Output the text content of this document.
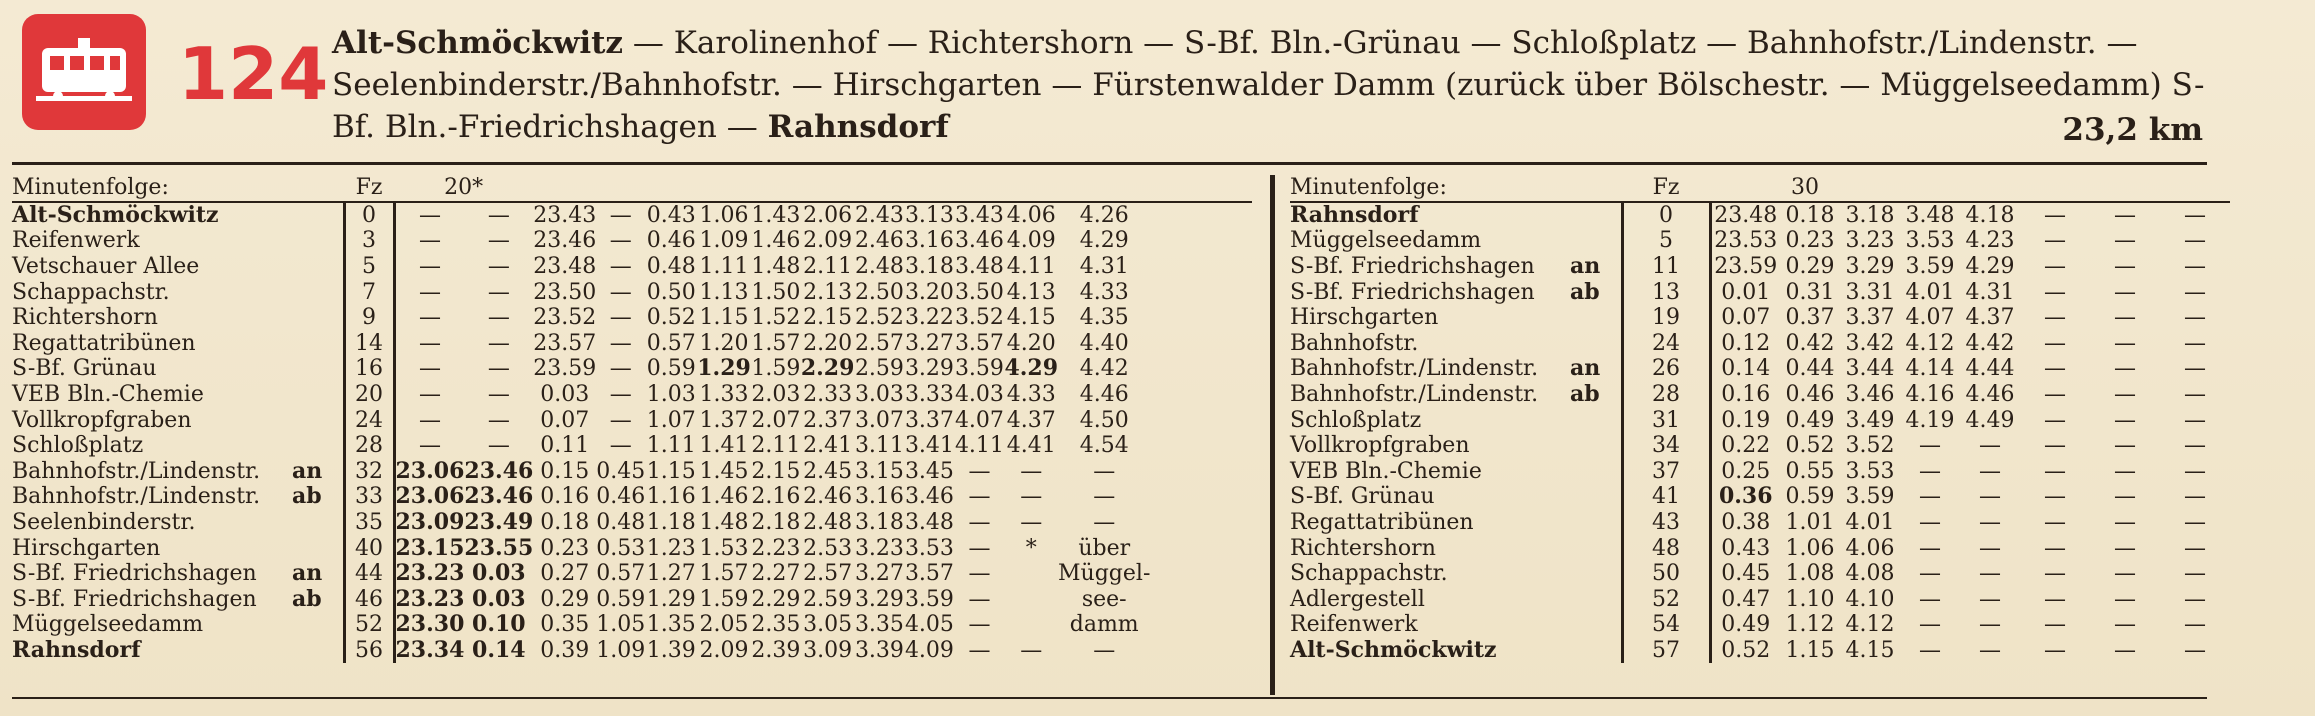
124 Alt-Schmöckwitz — Karolinenhof — Richtershorn — S-Bf. Bln.-Grünau — Schloßplatz — Bahnhofstr./Lindenstr. — Seelenbinderstr./Bahnhofstr. — Hirschgarten — Fürstenwalder Damm (zurück über Bölschestr. — Müggelseedamm) S-Bf. Bln.-Friedrichshagen — Rahnsdorf	23,2 km
Minutenfolge:		Fz	20*												
Alt-Schmöckwitz		0	—	—	23.43	—	0.43	1.06	1.43	2.06	2.43	3.13	3.43	4.06	4.26
Reifenwerk		3	—	—	23.46	—	0.46	1.09	1.46	2.09	2.46	3.16	3.46	4.09	4.29
Vetschauer Allee		5	—	—	23.48	—	0.48	1.11	1.48	2.11	2.48	3.18	3.48	4.11	4.31
Schappachstr.		7	—	—	23.50	—	0.50	1.13	1.50	2.13	2.50	3.20	3.50	4.13	4.33
Richtershorn		9	—	—	23.52	—	0.52	1.15	1.52	2.15	2.52	3.22	3.52	4.15	4.35
Regattatribünen		14	—	—	23.57	—	0.57	1.20	1.57	2.20	2.57	3.27	3.57	4.20	4.40
S-Bf. Grünau		16	—	—	23.59	—	0.59	1.29	1.59	2.29	2.59	3.29	3.59	4.29	4.42
VEB Bln.-Chemie		20	—	—	0.03	—	1.03	1.33	2.03	2.33	3.03	3.33	4.03	4.33	4.46
Vollkropfgraben		24	—	—	0.07	—	1.07	1.37	2.07	2.37	3.07	3.37	4.07	4.37	4.50
Schloßplatz		28	—	—	0.11	—	1.11	1.41	2.11	2.41	3.11	3.41	4.11	4.41	4.54
Bahnhofstr./Lindenstr.	an	32	23.06	23.46	0.15	0.45	1.15	1.45	2.15	2.45	3.15	3.45	—	—	—
Bahnhofstr./Lindenstr.	ab	33	23.06	23.46	0.16	0.46	1.16	1.46	2.16	2.46	3.16	3.46	—	—	—
Seelenbinderstr.		35	23.09	23.49	0.18	0.48	1.18	1.48	2.18	2.48	3.18	3.48	—	—	—
Hirschgarten		40	23.15	23.55	0.23	0.53	1.23	1.53	2.23	2.53	3.23	3.53	—	*	über
S-Bf. Friedrichshagen	an	44	23.23	0.03	0.27	0.57	1.27	1.57	2.27	2.57	3.27	3.57	—		Müggel-
S-Bf. Friedrichshagen	ab	46	23.23	0.03	0.29	0.59	1.29	1.59	2.29	2.59	3.29	3.59	—		see-
Müggelseedamm		52	23.30	0.10	0.35	1.05	1.35	2.05	2.35	3.05	3.35	4.05	—		damm
Rahnsdorf		56	23.34	0.14	0.39	1.09	1.39	2.09	2.39	3.09	3.39	4.09	—	—	—
Minutenfolge:		Fz	30							
Rahnsdorf		0	23.48	0.18	3.18	3.48	4.18	—	—	—
Müggelseedamm		5	23.53	0.23	3.23	3.53	4.23	—	—	—
S-Bf. Friedrichshagen	an	11	23.59	0.29	3.29	3.59	4.29	—	—	—
S-Bf. Friedrichshagen	ab	13	0.01	0.31	3.31	4.01	4.31	—	—	—
Hirschgarten		19	0.07	0.37	3.37	4.07	4.37	—	—	—
Bahnhofstr.		24	0.12	0.42	3.42	4.12	4.42	—	—	—
Bahnhofstr./Lindenstr.	an	26	0.14	0.44	3.44	4.14	4.44	—	—	—
Bahnhofstr./Lindenstr.	ab	28	0.16	0.46	3.46	4.16	4.46	—	—	—
Schloßplatz		31	0.19	0.49	3.49	4.19	4.49	—	—	—
Vollkropfgraben		34	0.22	0.52	3.52	—	—	—	—	—
VEB Bln.-Chemie		37	0.25	0.55	3.53	—	—	—	—	—
S-Bf. Grünau		41	0.36	0.59	3.59	—	—	—	—	—
Regattatribünen		43	0.38	1.01	4.01	—	—	—	—	—
Richtershorn		48	0.43	1.06	4.06	—	—	—	—	—
Schappachstr.		50	0.45	1.08	4.08	—	—	—	—	—
Adlergestell		52	0.47	1.10	4.10	—	—	—	—	—
Reifenwerk		54	0.49	1.12	4.12	—	—	—	—	—
Alt-Schmöckwitz		57	0.52	1.15	4.15	—	—	—	—	—
